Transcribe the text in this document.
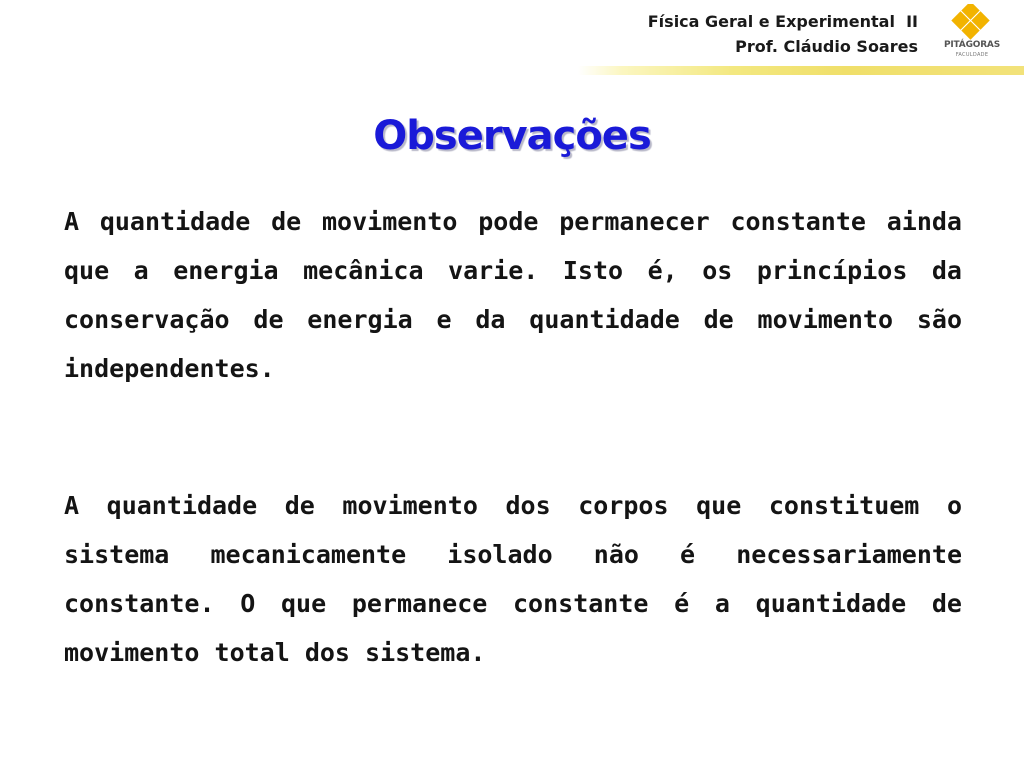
Física Geral e Experimental  II
Prof. Cláudio Soares	PITÁGORAS
FACULDADE
Observações
A quantidade de movimento pode permanecer constante ainda que a energia mecânica varie. Isto é, os princípios da conservação de energia e da quantidade de movimento são independentes.
A quantidade de movimento dos corpos que constituem o sistema mecanicamente isolado não é necessariamente constante. O que permanece constante é a quantidade de movimento total dos sistema.
